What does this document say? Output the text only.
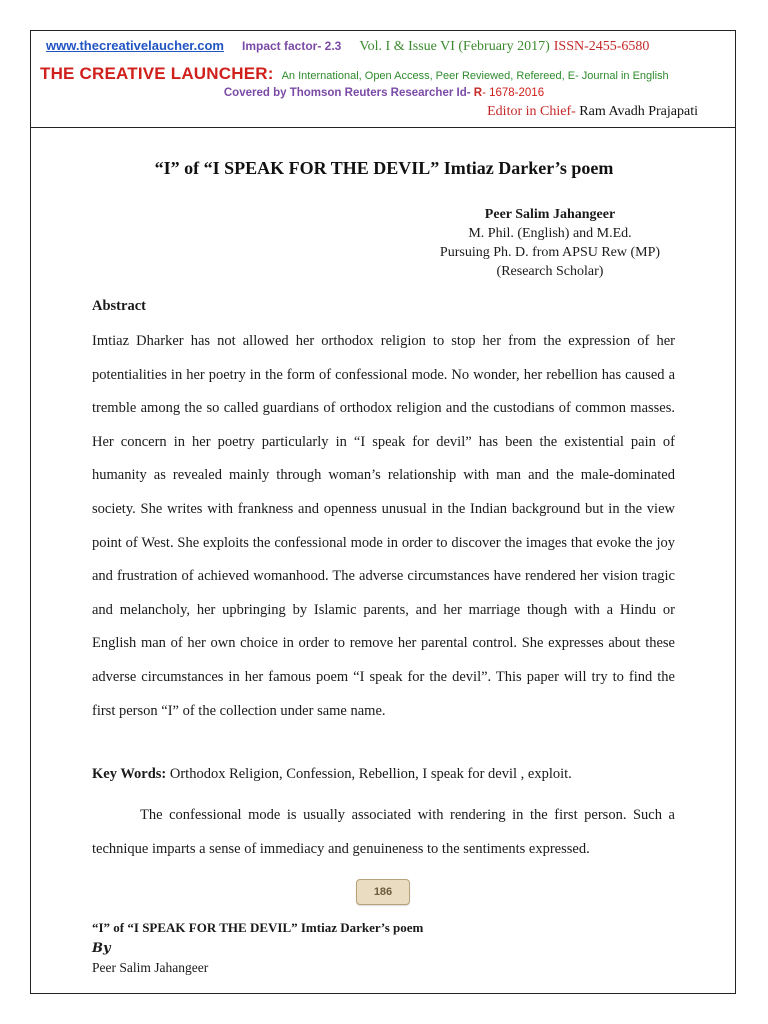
www.thecreativelaucher.com Impact factor- 2.3 Vol. I & Issue VI (February 2017) ISSN-2455-6580
THE CREATIVE LAUNCHER: An International, Open Access, Peer Reviewed, Refereed, E- Journal in English
Covered by Thomson Reuters Researcher Id- R- 1678-2016
Editor in Chief- Ram Avadh Prajapati
“I” of “I SPEAK FOR THE DEVIL” Imtiaz Darker’s poem
Peer Salim Jahangeer
M. Phil. (English) and M.Ed.
Pursuing Ph. D. from APSU Rew (MP)
(Research Scholar)
Abstract

Imtiaz Dharker has not allowed her orthodox religion to stop her from the expression of her potentialities in her poetry in the form of confessional mode. No wonder, her rebellion has caused a tremble among the so called guardians of orthodox religion and the custodians of common masses. Her concern in her poetry particularly in “I speak for devil” has been the existential pain of humanity as revealed mainly through woman’s relationship with man and the male-dominated society. She writes with frankness and openness unusual in the Indian background but in the view point of West. She exploits the confessional mode in order to discover the images that evoke the joy and frustration of achieved womanhood. The adverse circumstances have rendered her vision tragic and melancholy, her upbringing by Islamic parents, and her marriage though with a Hindu or English man of her own choice in order to remove her parental control. She expresses about these adverse circumstances in her famous poem “I speak for the devil”. This paper will try to find the first person “I” of the collection under same name.

Key Words: Orthodox Religion, Confession, Rebellion, I speak for devil , exploit.

The confessional mode is usually associated with rendering in the first person. Such a technique imparts a sense of immediacy and genuineness to the sentiments expressed.

186
“I” of “I SPEAK FOR THE DEVIL” Imtiaz Darker’s poem
By
Peer Salim Jahangeer
